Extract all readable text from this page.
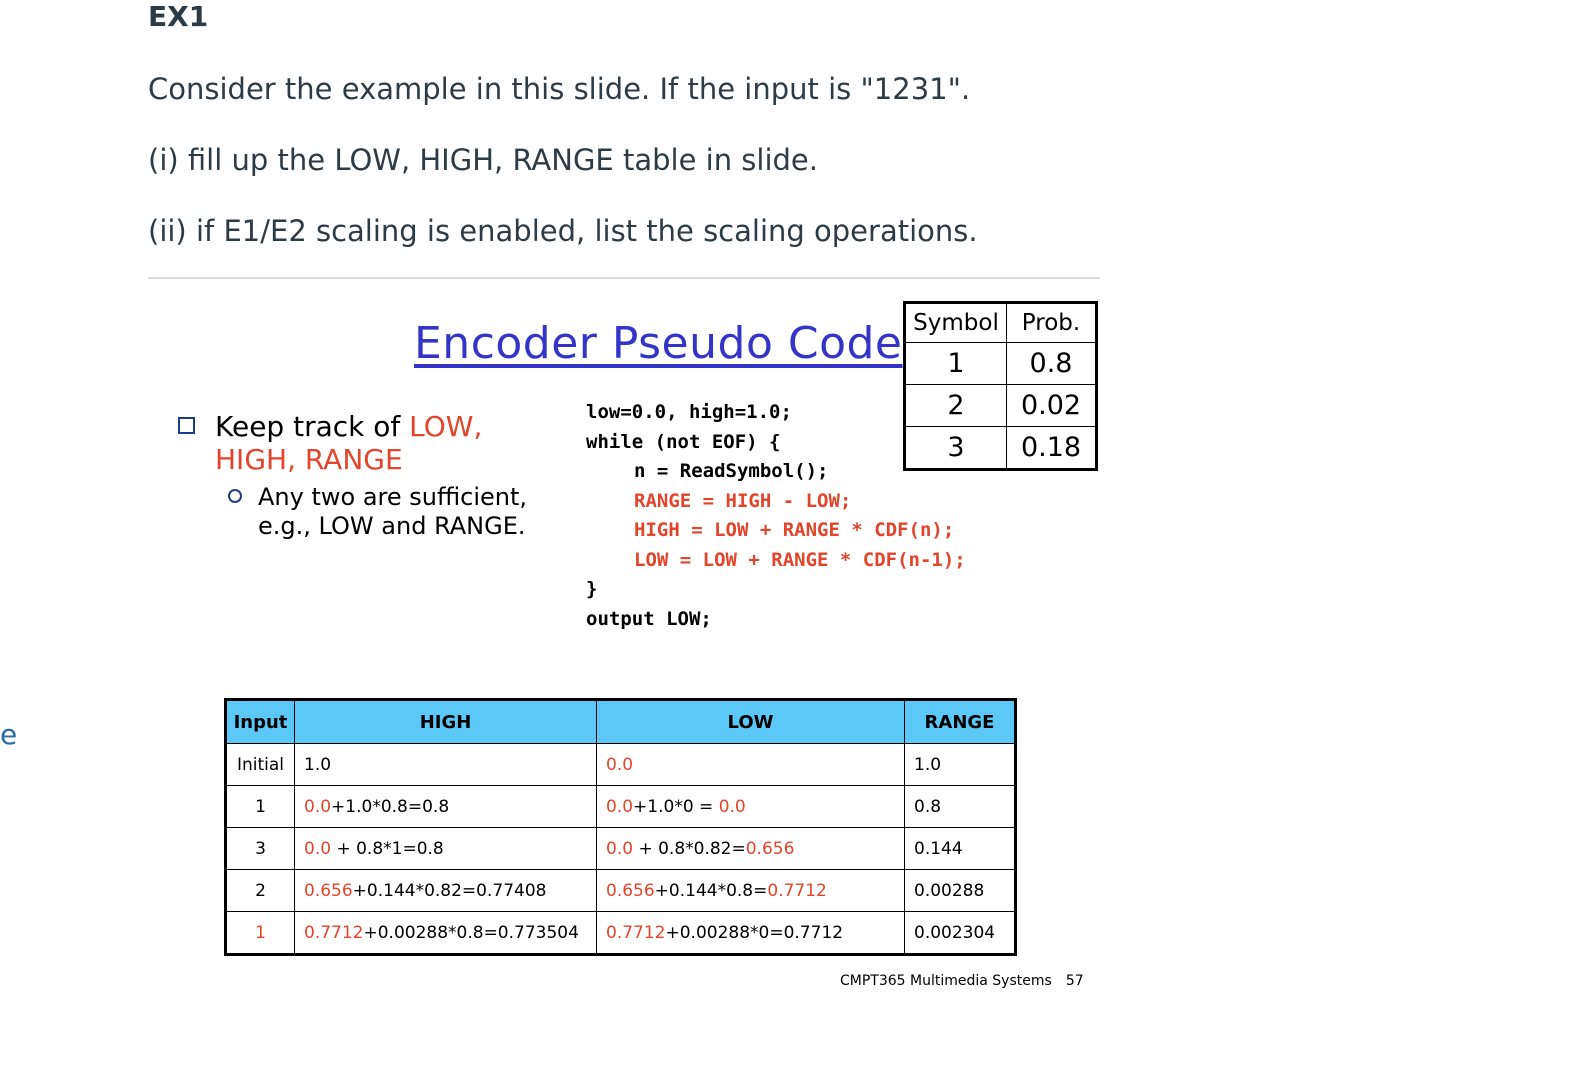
e
EX1

Consider the example in this slide. If the input is "1231".

(i) fill up the LOW, HIGH, RANGE table in slide.

(ii) if E1/E2 scaling is enabled, list the scaling operations.

Encoder Pseudo Code Symbol	Prob.
1	0.8
2	0.02
3	0.18
Keep track of LOW,
HIGH, RANGE
Any two are sufficient,
e.g., LOW and RANGE.
low=0.0, high=1.0;
while (not EOF) {
n = ReadSymbol();
RANGE = HIGH - LOW;
HIGH = LOW + RANGE * CDF(n);
LOW = LOW + RANGE * CDF(n-1);
}
output LOW;
Input	HIGH	LOW	RANGE
Initial	1.0	0.0	1.0
1	0.0+1.0*0.8=0.8	0.0+1.0*0 = 0.0	0.8
3	0.0 + 0.8*1=0.8	0.0 + 0.8*0.82=0.656	0.144
2	0.656+0.144*0.82=0.77408	0.656+0.144*0.8=0.7712	0.00288
1	0.7712+0.00288*0.8=0.773504	0.7712+0.00288*0=0.7712	0.002304
CMPT365 Multimedia Systems 57
